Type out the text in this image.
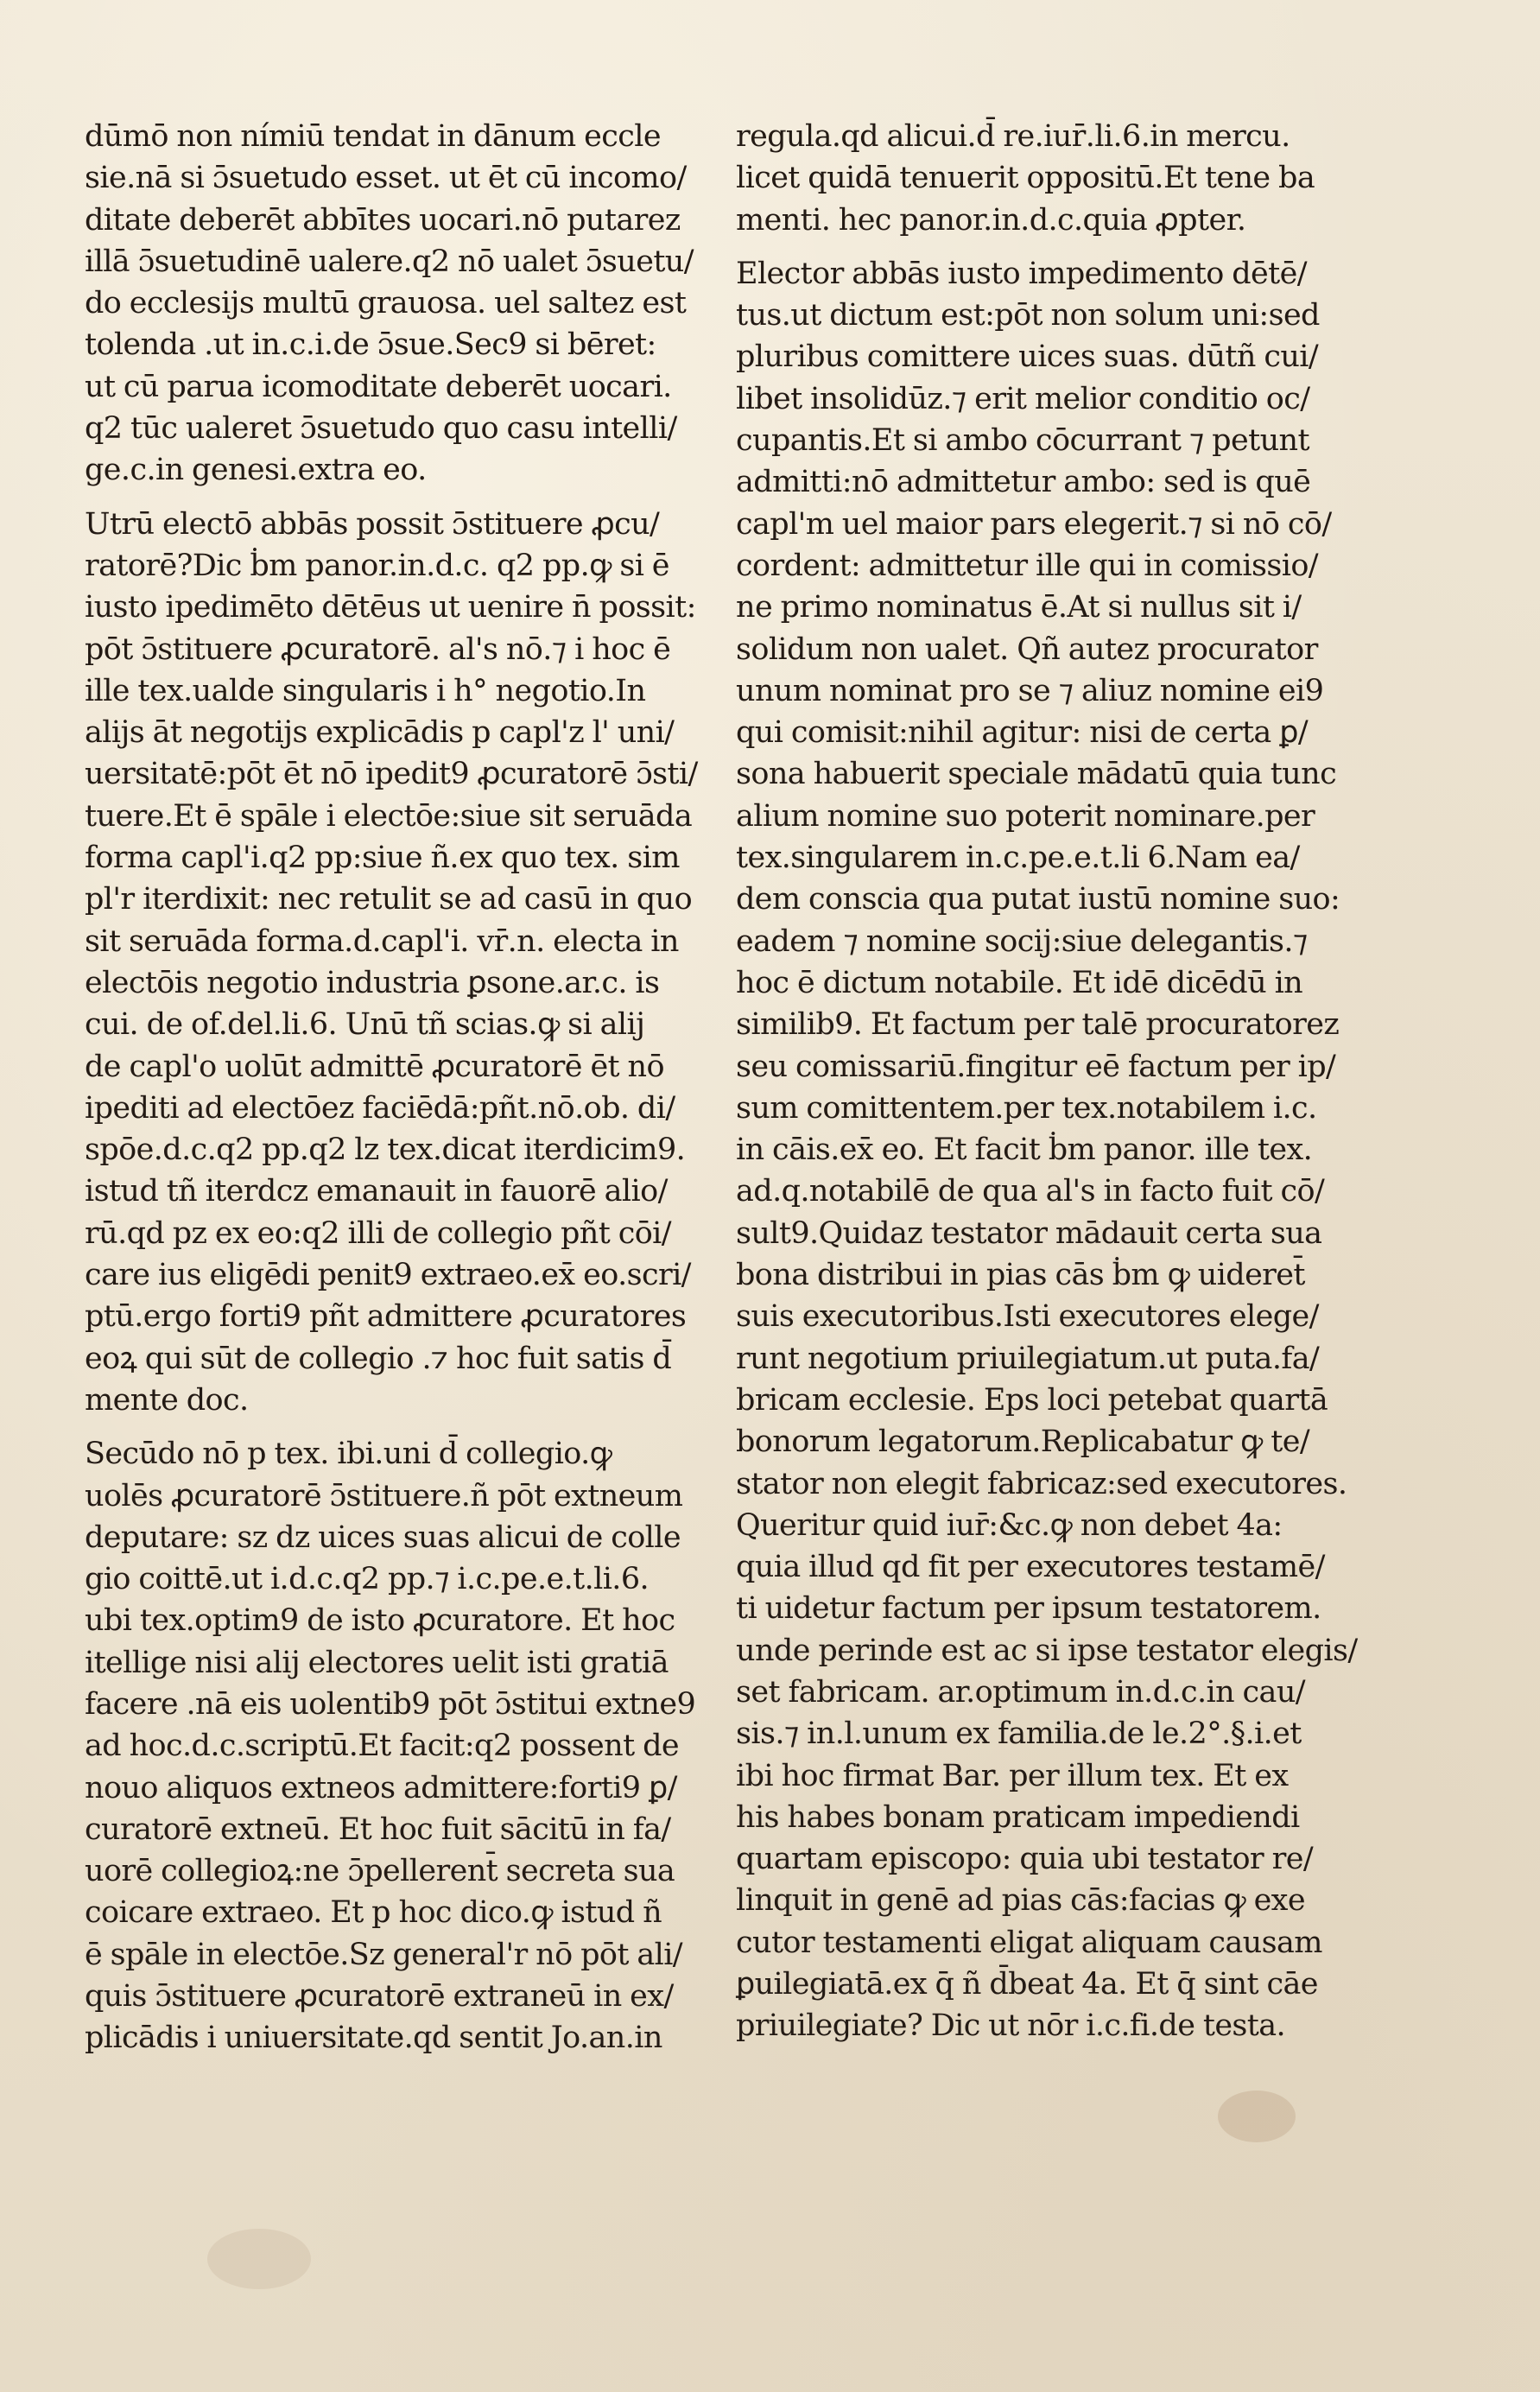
dūmō non nímiū tendat in dānum eccle
sie.nā si ɔ̄suetudo esset. ut ēt cū incomo/
ditate deberēt abbītes uocari.nō putarez
illā ɔ̄suetudinē ualere.q2 nō ualet ɔ̄suetu/
do ecclesijs multū grauosa. uel saltez est
tolenda .ut in.c.i.de ɔ̄sue.Sec9 si bēret:
ut cū parua icomoditate deberēt uocari.
q2 tūc ualeret ɔ̄suetudo quo casu intelli/
ge.c.in genesi.extra eo.
Utrū electō abbās possit ɔ̄stituere ꝓcu/
ratorē?Dic ḃm panor.in.d.c. q2 pp.ꝙ si ē
iusto ipedimēto dētēus ut uenire n̄ possit:
pōt ɔ̄stituere ꝓcuratorē. al's nō.⁊ i hoc ē
ille tex.ualde singularis i h° negotio.In
alijs āt negotijs explicādis p capl'z l' uni/
uersitatē:pōt ēt nō ipedit9 ꝓcuratorē ɔ̄sti/
tuere.Et ē spāle i electōe:siue sit seruāda
forma capl'i.q2 pp:siue ñ.ex quo tex. sim
pl'r iterdixit: nec retulit se ad casū in quo
sit seruāda forma.d.capl'i. vr̄.n. electa in
electōis negotio industria ꝑsone.ar.c. is
cui. de of.del.li.6. Unū tñ scias.ꝙ si alij
de capl'o uolūt admittē ꝓcuratorē ēt nō
ipediti ad electōez faciēdā:pñt.nō.ob. di/
spōe.d.c.q2 pp.q2 lz tex.dicat iterdicim9.
istud tñ iterdcz emanauit in fauorē alio/
rū.qd pz ex eo:q2 illi de collegio pñt cōi/
care ius eligēdi penit9 extraeo.ex̄ eo.scri/
ptū.ergo forti9 pñt admittere ꝓcuratores
eoꝝ qui sūt de collegio .⁊ hoc fuit satis d̄
mente doc.
Secūdo nō p tex. ibi.uni d̄ collegio.ꝙ
uolēs ꝓcuratorē ɔ̄stituere.ñ pōt extneum
deputare: sz dz uices suas alicui de colle
gio coittē.ut i.d.c.q2 pp.⁊ i.c.pe.e.t.li.6.
ubi tex.optim9 de isto ꝓcuratore. Et hoc
itellige nisi alij electores uelit isti gratiā
facere .nā eis uolentib9 pōt ɔ̄stitui extne9
ad hoc.d.c.scriptū.Et facit:q2 possent de
nouo aliquos extneos admittere:forti9 ꝑ/
curatorē extneū. Et hoc fuit sācitū in fa/
uorē collegioꝝ:ne ɔ̄pellerent̄ secreta sua
coicare extraeo. Et p hoc dico.ꝙ istud ñ
ē spāle in electōe.Sz general'r nō pōt ali/
quis ɔ̄stituere ꝓcuratorē extraneū in ex/
plicādis i uniuersitate.qd sentit Jo.an.in
regula.qd alicui.d̄ re.iur̄.li.6.in mercu.
licet quidā tenuerit oppositū.Et tene ba
menti. hec panor.in.d.c.quia ꝓpter.
Elector abbās iusto impedimento dētē/
tus.ut dictum est:pōt non solum uni:sed
pluribus comittere uices suas. dūtñ cui/
libet insolidūz.⁊ erit melior conditio oc/
cupantis.Et si ambo cōcurrant ⁊ petunt
admitti:nō admittetur ambo: sed is quē
capl'm uel maior pars elegerit.⁊ si nō cō/
cordent: admittetur ille qui in comissio/
ne primo nominatus ē.At si nullus sit i/
solidum non ualet. Qñ autez procurator
unum nominat pro se ⁊ aliuz nomine ei9
qui comisit:nihil agitur: nisi de certa ꝑ/
sona habuerit speciale mādatū quia tunc
alium nomine suo poterit nominare.per
tex.singularem in.c.pe.e.t.li 6.Nam ea/
dem conscia qua putat iustū nomine suo:
eadem ⁊ nomine socij:siue delegantis.⁊
hoc ē dictum notabile. Et idē dicēdū in
similib9. Et factum per talē procuratorez
seu comissariū.fingitur eē factum per ip/
sum comittentem.per tex.notabilem i.c.
in cāis.ex̄ eo. Et facit ḃm panor. ille tex.
ad.q.notabilē de qua al's in facto fuit cō/
sult9.Quidaz testator mādauit certa sua
bona distribui in pias cās ḃm ꝙ uideret̄
suis executoribus.Isti executores elege/
runt negotium priuilegiatum.ut puta.fa/
bricam ecclesie. Eps loci petebat quartā
bonorum legatorum.Replicabatur ꝙ te/
stator non elegit fabricaz:sed executores.
Queritur quid iur̄:&c.ꝙ non debet 4a:
quia illud qd fit per executores testamē/
ti uidetur factum per ipsum testatorem.
unde perinde est ac si ipse testator elegis/
set fabricam. ar.optimum in.d.c.in cau/
sis.⁊ in.l.unum ex familia.de le.2°.§.i.et
ibi hoc firmat Bar. per illum tex. Et ex
his habes bonam praticam impediendi
quartam episcopo: quia ubi testator re/
linquit in genē ad pias cās:facias ꝙ exe
cutor testamenti eligat aliquam causam
ꝑuilegiatā.ex q̄ ñ d̄beat 4a. Et q̄ sint cāe
priuilegiate? Dic ut nōr i.c.fi.de testa.
